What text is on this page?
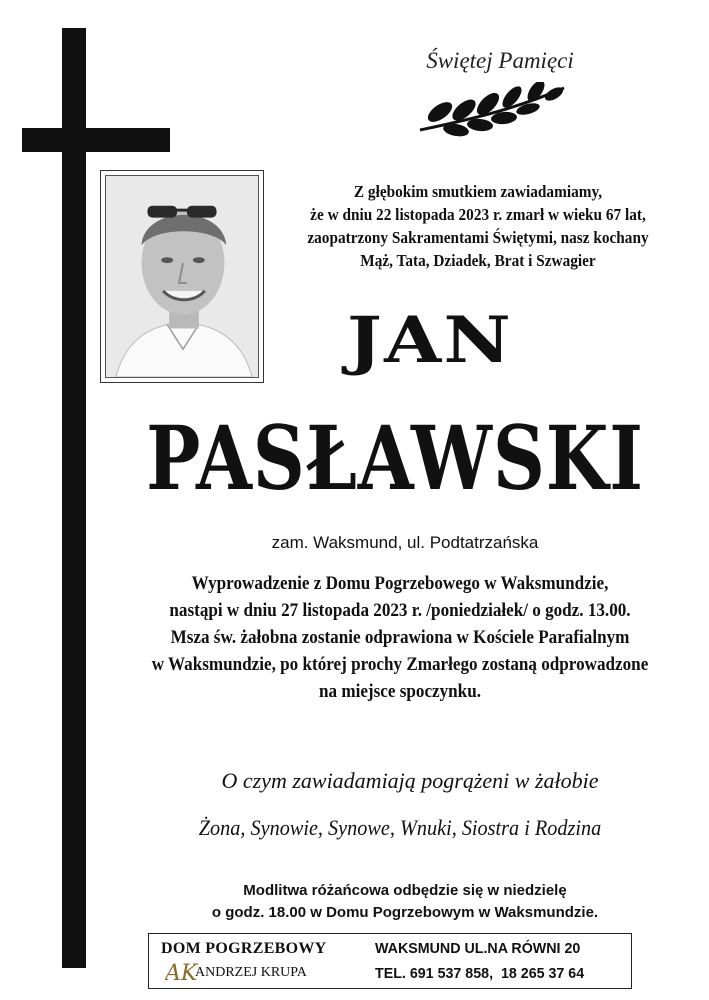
Świętej Pamięci
Z głębokim smutkiem zawiadamiamy,
że w dniu 22 listopada 2023 r. zmarł w wieku 67 lat,
zaopatrzony Sakramentami Świętymi, nasz kochany
Mąż, Tata, Dziadek, Brat i Szwagier
JAN
PASŁAWSKI
zam. Waksmund, ul. Podtatrzańska
Wyprowadzenie z Domu Pogrzebowego w Waksmundzie,
nastąpi w dniu 27 listopada 2023 r. /poniedziałek/ o godz. 13.00.
Msza św. żałobna zostanie odprawiona w Kościele Parafialnym
w Waksmundzie, po której prochy Zmarłego zostaną odprowadzone
na miejsce spoczynku.
O czym zawiadamiają pogrążeni w żałobie
Żona, Synowie, Synowe, Wnuki, Siostra i Rodzina
Modlitwa różańcowa odbędzie się w niedzielę
o godz. 18.00 w Domu Pogrzebowym w Waksmundzie.
DOM POGRZEBOWY
AK
ANDRZEJ KRUPA
WAKSMUND UL.NA RÓWNI 20
TEL. 691 537 858,  18 265 37 64
